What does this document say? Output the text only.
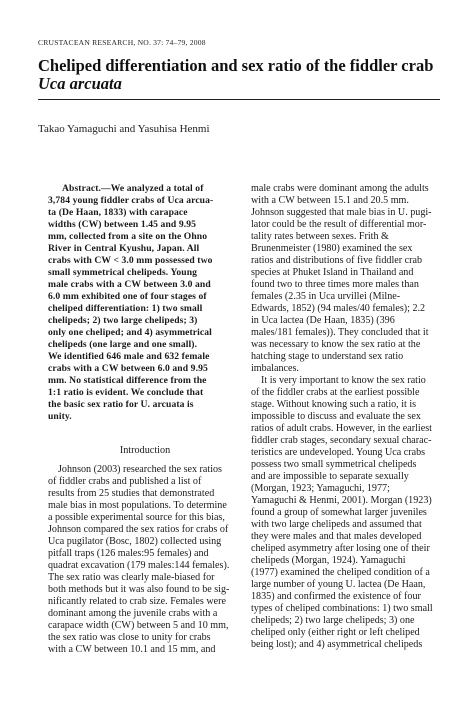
CRUSTACEAN RESEARCH, NO. 37: 74–79, 2008
Cheliped differentiation and sex ratio of the fiddler crab
Uca arcuata
Takao Yamaguchi and Yasuhisa Henmi
Abstract.—We analyzed a total of
3,784 young fiddler crabs of Uca arcua-
ta (De Haan, 1833) with carapace
widths (CW) between 1.45 and 9.95
mm, collected from a site on the Ohno
River in Central Kyushu, Japan. All
crabs with CW < 3.0 mm possessed two
small symmetrical chelipeds. Young
male crabs with a CW between 3.0 and
6.0 mm exhibited one of four stages of
cheliped differentiation: 1) two small
chelipeds; 2) two large chelipeds; 3)
only one cheliped; and 4) asymmetrical
chelipeds (one large and one small).
We identified 646 male and 632 female
crabs with a CW between 6.0 and 9.95
mm. No statistical difference from the
1:1 ratio is evident. We conclude that
the basic sex ratio for U. arcuata is
unity.
Introduction
Johnson (2003) researched the sex ratios
of fiddler crabs and published a list of
results from 25 studies that demonstrated
male bias in most populations. To determine
a possible experimental source for this bias,
Johnson compared the sex ratios for crabs of
Uca pugilator (Bosc, 1802) collected using
pitfall traps (126 males:95 females) and
quadrat excavation (179 males:144 females).
The sex ratio was clearly male-biased for
both methods but it was also found to be sig-
nificantly related to crab size. Females were
dominant among the juvenile crabs with a
carapace width (CW) between 5 and 10 mm,
the sex ratio was close to unity for crabs
with a CW between 10.1 and 15 mm, and
male crabs were dominant among the adults
with a CW between 15.1 and 20.5 mm.
Johnson suggested that male bias in U. pugi-
lator could be the result of differential mor-
tality rates between sexes. Frith &
Brunenmeister (1980) examined the sex
ratios and distributions of five fiddler crab
species at Phuket Island in Thailand and
found two to three times more males than
females (2.35 in Uca urvillei (Milne-
Edwards, 1852) (94 males/40 females); 2.2
in Uca lactea (De Haan, 1835) (396
males/181 females)). They concluded that it
was necessary to know the sex ratio at the
hatching stage to understand sex ratio
imbalances.
It is very important to know the sex ratio
of the fiddler crabs at the earliest possible
stage. Without knowing such a ratio, it is
impossible to discuss and evaluate the sex
ratios of adult crabs. However, in the earliest
fiddler crab stages, secondary sexual charac-
teristics are undeveloped. Young Uca crabs
possess two small symmetrical chelipeds
and are impossible to separate sexually
(Morgan, 1923; Yamaguchi, 1977;
Yamaguchi & Henmi, 2001). Morgan (1923)
found a group of somewhat larger juveniles
with two large chelipeds and assumed that
they were males and that males developed
cheliped asymmetry after losing one of their
chelipeds (Morgan, 1924). Yamaguchi
(1977) examined the cheliped condition of a
large number of young U. lactea (De Haan,
1835) and confirmed the existence of four
types of cheliped combinations: 1) two small
chelipeds; 2) two large chelipeds; 3) one
cheliped only (either right or left cheliped
being lost); and 4) asymmetrical chelipeds
